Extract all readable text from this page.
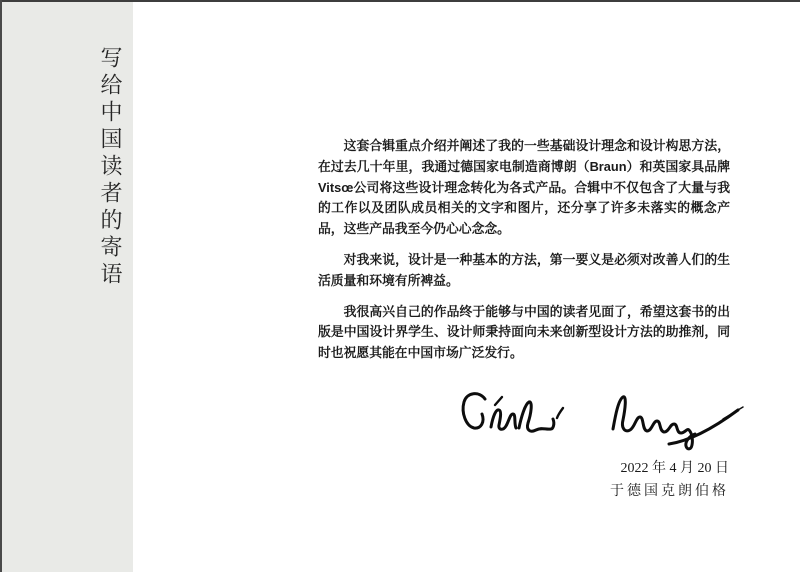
写给中国读者的寄语	这套合辑重点介绍并阐述了我的一些基础设计理念和设计构思方法，在过去几十年里，我通过德国家电制造商博朗（Braun）和英国家具品牌Vitsœ公司将这些设计理念转化为各式产品。合辑中不仅包含了大量与我的工作以及团队成员相关的文字和图片，还分享了许多未落实的概念产品，这些产品我至今仍心心念念。

对我来说，设计是一种基本的方法，第一要义是必须对改善人们的生活质量和环境有所裨益。

我很高兴自己的作品终于能够与中国的读者见面了，希望这套书的出版是中国设计界学生、设计师秉持面向未来创新型设计方法的助推剂，同时也祝愿其能在中国市场广泛发行。

2022 年 4 月 20 日
于德国克朗伯格
